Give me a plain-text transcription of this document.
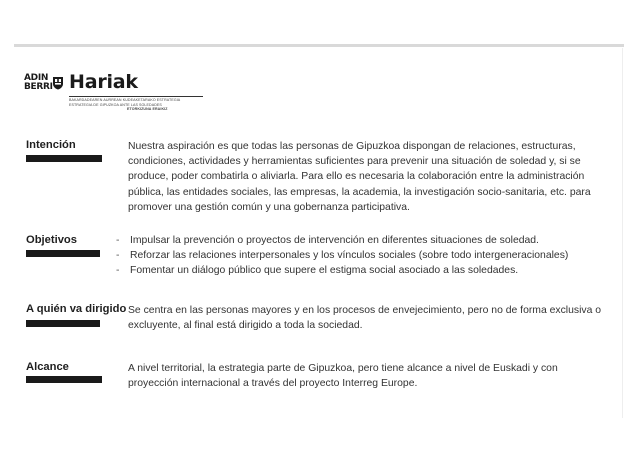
ADIN
BERRI Hariak
BAKARDADEAREN AURREAN KUDEAKETARAKO ESTRATEGIA
ESTRATEGIA DE GIPUZKOA ANTE LAS SOLEDADES
ETORKIZUNA ERAIKIZ
Intención	Nuestra aspiración es que todas las personas de Gipuzkoa dispongan de relaciones, estructuras,

condiciones, actividades y herramientas suficientes para prevenir una situación de soledad y, si se

produce, poder combatirla o aliviarla. Para ello es necesaria la colaboración entre la administración

pública, las entidades sociales, las empresas, la academia, la investigación socio-sanitaria, etc. para

promover una gestión común y una gobernanza participativa.

Objetivos
-	Impulsar la prevención o proyectos de intervención en diferentes situaciones de soledad.
- Reforzar las relaciones interpersonales y los vínculos sociales (sobre todo intergeneracionales)
- Fomentar un diálogo público que supere el estigma social asociado a las soledades.
A quién va dirigido Se centra en las personas mayores y en los procesos de envejecimiento, pero no de forma exclusiva o

excluyente, al final está dirigido a toda la sociedad.

Alcance	A nivel territorial, la estrategia parte de Gipuzkoa, pero tiene alcance a nivel de Euskadi y con

proyección internacional a través del proyecto Interreg Europe.
